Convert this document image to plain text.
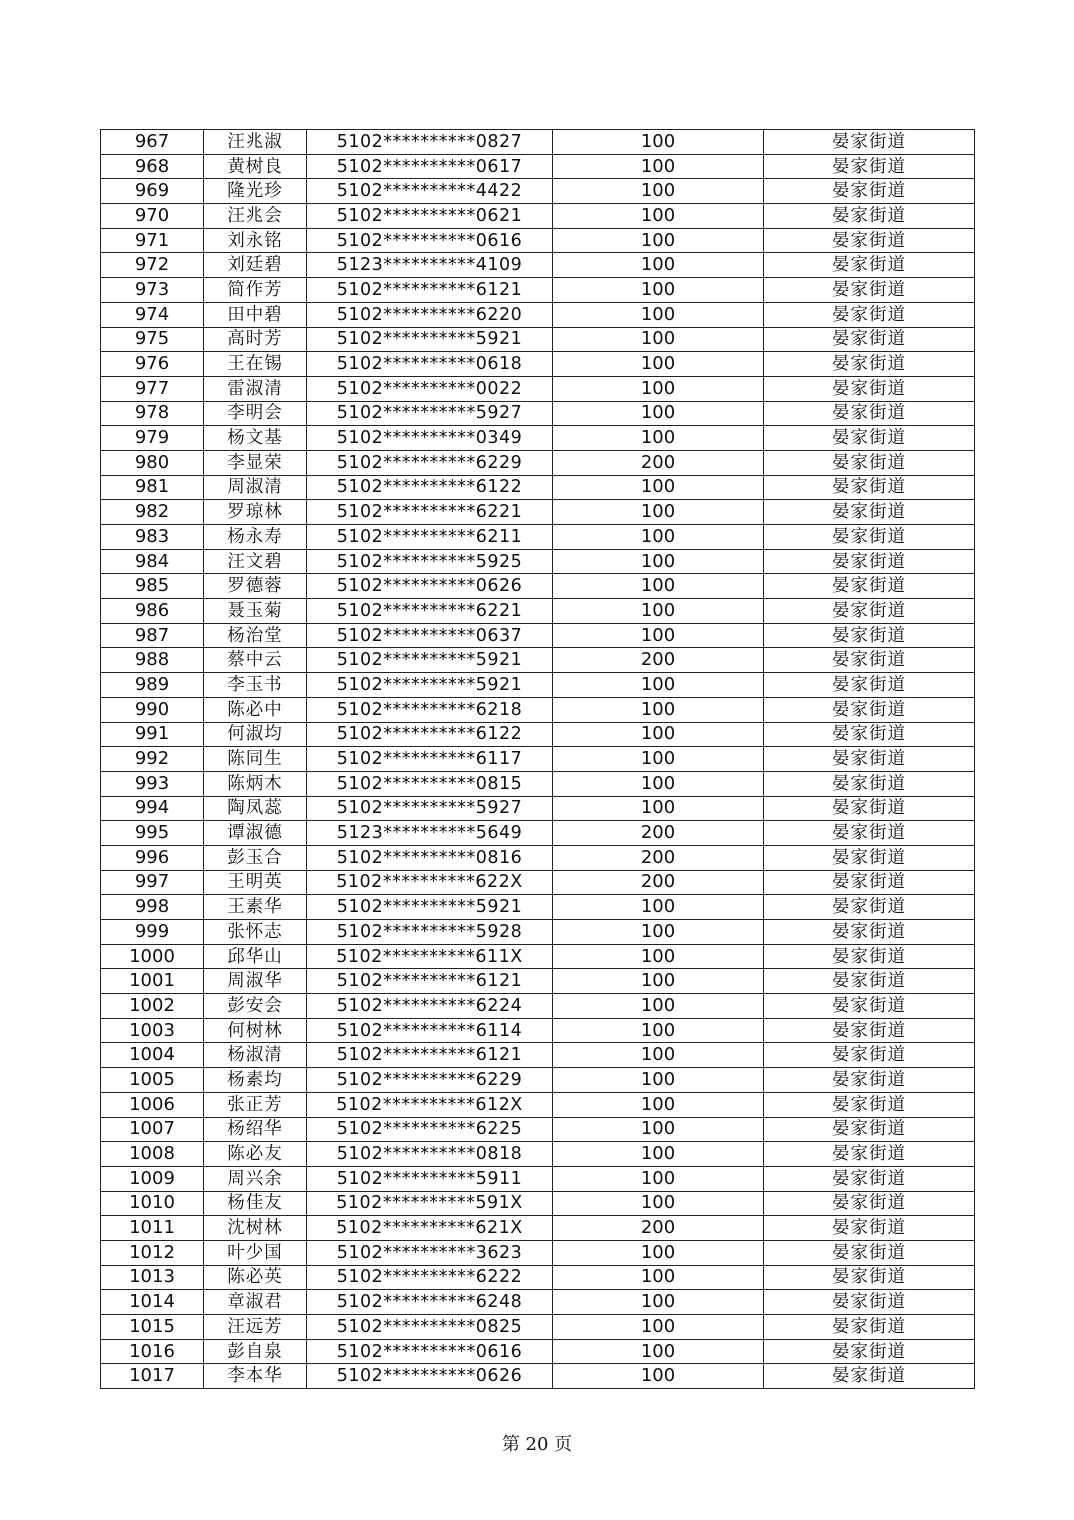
967	汪兆淑	5102**********0827	100	晏家街道
968	黄树良	5102**********0617	100	晏家街道
969	隆光珍	5102**********4422	100	晏家街道
970	汪兆会	5102**********0621	100	晏家街道
971	刘永铭	5102**********0616	100	晏家街道
972	刘廷碧	5123**********4109	100	晏家街道
973	简作芳	5102**********6121	100	晏家街道
974	田中碧	5102**********6220	100	晏家街道
975	高时芳	5102**********5921	100	晏家街道
976	王在锡	5102**********0618	100	晏家街道
977	雷淑清	5102**********0022	100	晏家街道
978	李明会	5102**********5927	100	晏家街道
979	杨文基	5102**********0349	100	晏家街道
980	李显荣	5102**********6229	200	晏家街道
981	周淑清	5102**********6122	100	晏家街道
982	罗琼林	5102**********6221	100	晏家街道
983	杨永寿	5102**********6211	100	晏家街道
984	汪文碧	5102**********5925	100	晏家街道
985	罗德蓉	5102**********0626	100	晏家街道
986	聂玉菊	5102**********6221	100	晏家街道
987	杨治堂	5102**********0637	100	晏家街道
988	蔡中云	5102**********5921	200	晏家街道
989	李玉书	5102**********5921	100	晏家街道
990	陈必中	5102**********6218	100	晏家街道
991	何淑均	5102**********6122	100	晏家街道
992	陈同生	5102**********6117	100	晏家街道
993	陈炳木	5102**********0815	100	晏家街道
994	陶凤蕊	5102**********5927	100	晏家街道
995	谭淑德	5123**********5649	200	晏家街道
996	彭玉合	5102**********0816	200	晏家街道
997	王明英	5102**********622X	200	晏家街道
998	王素华	5102**********5921	100	晏家街道
999	张怀志	5102**********5928	100	晏家街道
1000	邱华山	5102**********611X	100	晏家街道
1001	周淑华	5102**********6121	100	晏家街道
1002	彭安会	5102**********6224	100	晏家街道
1003	何树林	5102**********6114	100	晏家街道
1004	杨淑清	5102**********6121	100	晏家街道
1005	杨素均	5102**********6229	100	晏家街道
1006	张正芳	5102**********612X	100	晏家街道
1007	杨绍华	5102**********6225	100	晏家街道
1008	陈必友	5102**********0818	100	晏家街道
1009	周兴余	5102**********5911	100	晏家街道
1010	杨佳友	5102**********591X	100	晏家街道
1011	沈树林	5102**********621X	200	晏家街道
1012	叶少国	5102**********3623	100	晏家街道
1013	陈必英	5102**********6222	100	晏家街道
1014	章淑君	5102**********6248	100	晏家街道
1015	汪远芳	5102**********0825	100	晏家街道
1016	彭自泉	5102**********0616	100	晏家街道
1017	李本华	5102**********0626	100	晏家街道
第 20 页
